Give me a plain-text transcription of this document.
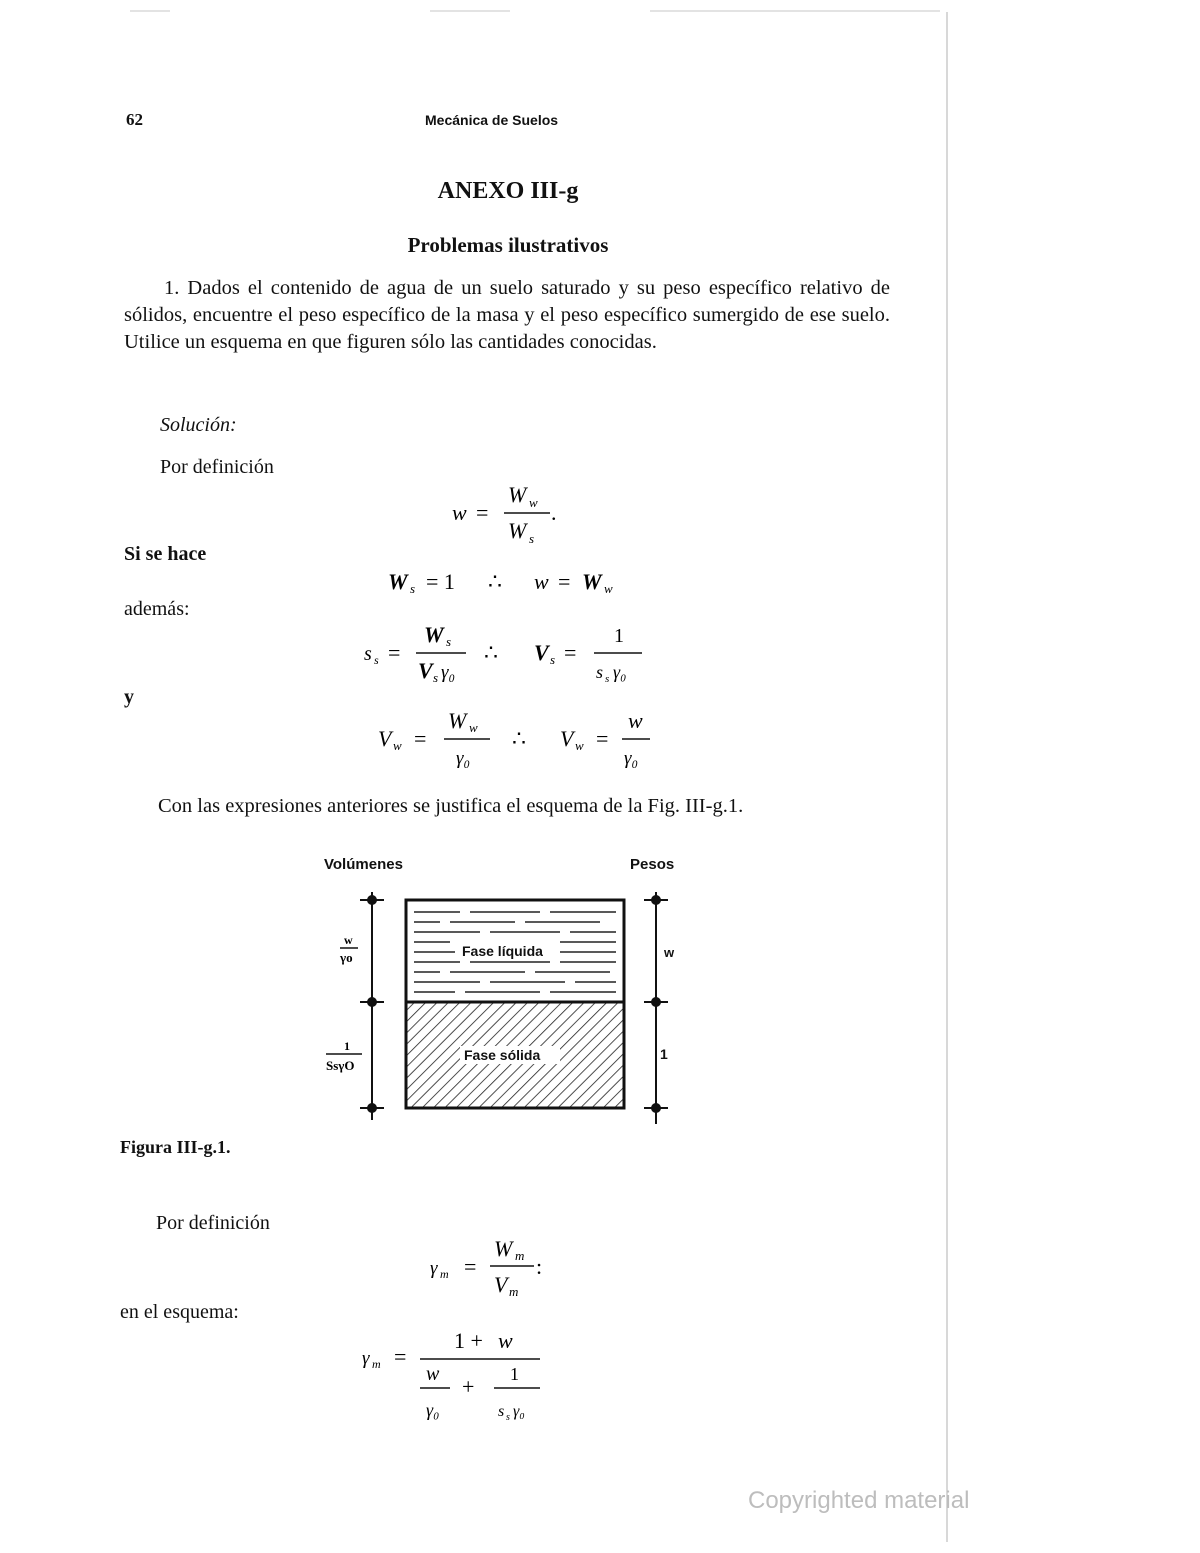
62	Mecánica de Suelos
ANEXO III-g
Problemas ilustrativos
1. Dados el contenido de agua de un suelo saturado y su peso específico relativo de sólidos, encuentre el peso específico de la masa y el peso específico sumergido de ese suelo. Utilice un esquema en que figuren sólo las cantidades conocidas.
Solución:
Por definición
w =
W w
W s
.
Si se hace
W s = 1 ∴ w = W w
además:
s s =
W s
V s γ₀
∴ V s =
1
s s γ₀
y
V w =
W w
γ₀
∴ V w =
w
γ₀
Con las expresiones anteriores se justifica el esquema de la Fig. III-g.1.
Volúmenes	Pesos
w
γo
1
SsγO
Fase líquida
Fase sólida
w
1
Figura III-g.1.
Por definición
γ m =
W m
V m
:
en el esquema:
γ m =
1 + w
w
γ₀
+ 1
s s γ₀
Copyrighted material
